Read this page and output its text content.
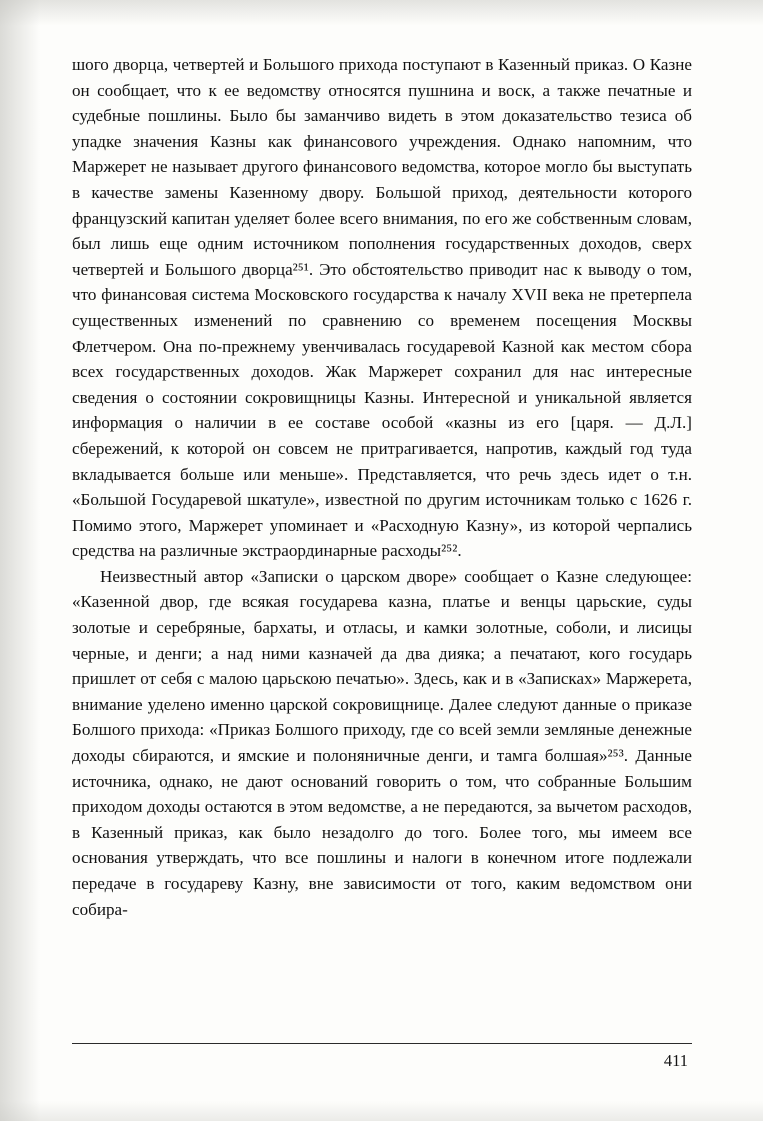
шого дворца, четвертей и Большого прихода поступают в Казенный приказ. О Казне он сообщает, что к ее ведомству относятся пушнина и воск, а также печатные и судебные пошлины. Было бы заманчиво видеть в этом доказательство тезиса об упадке значения Казны как финансового учреждения. Однако напомним, что Маржерет не называет другого финансового ведомства, которое могло бы выступать в качестве замены Казенному двору. Большой приход, деятельности которого французский капитан уделяет более всего внимания, по его же собственным словам, был лишь еще одним источником пополнения государственных доходов, сверх четвертей и Большого дворца²⁵¹. Это обстоятельство приводит нас к выводу о том, что финансовая система Московского государства к началу XVII века не претерпела существенных изменений по сравнению со временем посещения Москвы Флетчером. Она по-прежнему увенчивалась государевой Казной как местом сбора всех государственных доходов. Жак Маржерет сохранил для нас интересные сведения о состоянии сокровищницы Казны. Интересной и уникальной является информация о наличии в ее составе особой «казны из его [царя. — Д.Л.] сбережений, к которой он совсем не притрагивается, напротив, каждый год туда вкладывается больше или меньше». Представляется, что речь здесь идет о т.н. «Большой Государевой шкатуле», известной по другим источникам только с 1626 г. Помимо этого, Маржерет упоминает и «Расходную Казну», из которой черпались средства на различные экстраординарные расходы²⁵².

Неизвестный автор «Записки о царском дворе» сообщает о Казне следующее: «Казенной двор, где всякая государева казна, платье и венцы царьские, суды золотые и серебряные, бархаты, и отласы, и камки золотные, соболи, и лисицы черные, и денги; а над ними казначей да два дияка; а печатают, кого государь пришлет от себя с малою царьскою печатью». Здесь, как и в «Записках» Маржерета, внимание уделено именно царской сокровищнице. Далее следуют данные о приказе Болшого прихода: «Приказ Болшого приходу, где со всей земли земляные денежные доходы сбираются, и ямские и полоняничные денги, и тамга болшая»²⁵³. Данные источника, однако, не дают оснований говорить о том, что собранные Большим приходом доходы остаются в этом ведомстве, а не передаются, за вычетом расходов, в Казенный приказ, как было незадолго до того. Более того, мы имеем все основания утверждать, что все пошлины и налоги в конечном итоге подлежали передаче в государеву Казну, вне зависимости от того, каким ведомством они собира-

411
